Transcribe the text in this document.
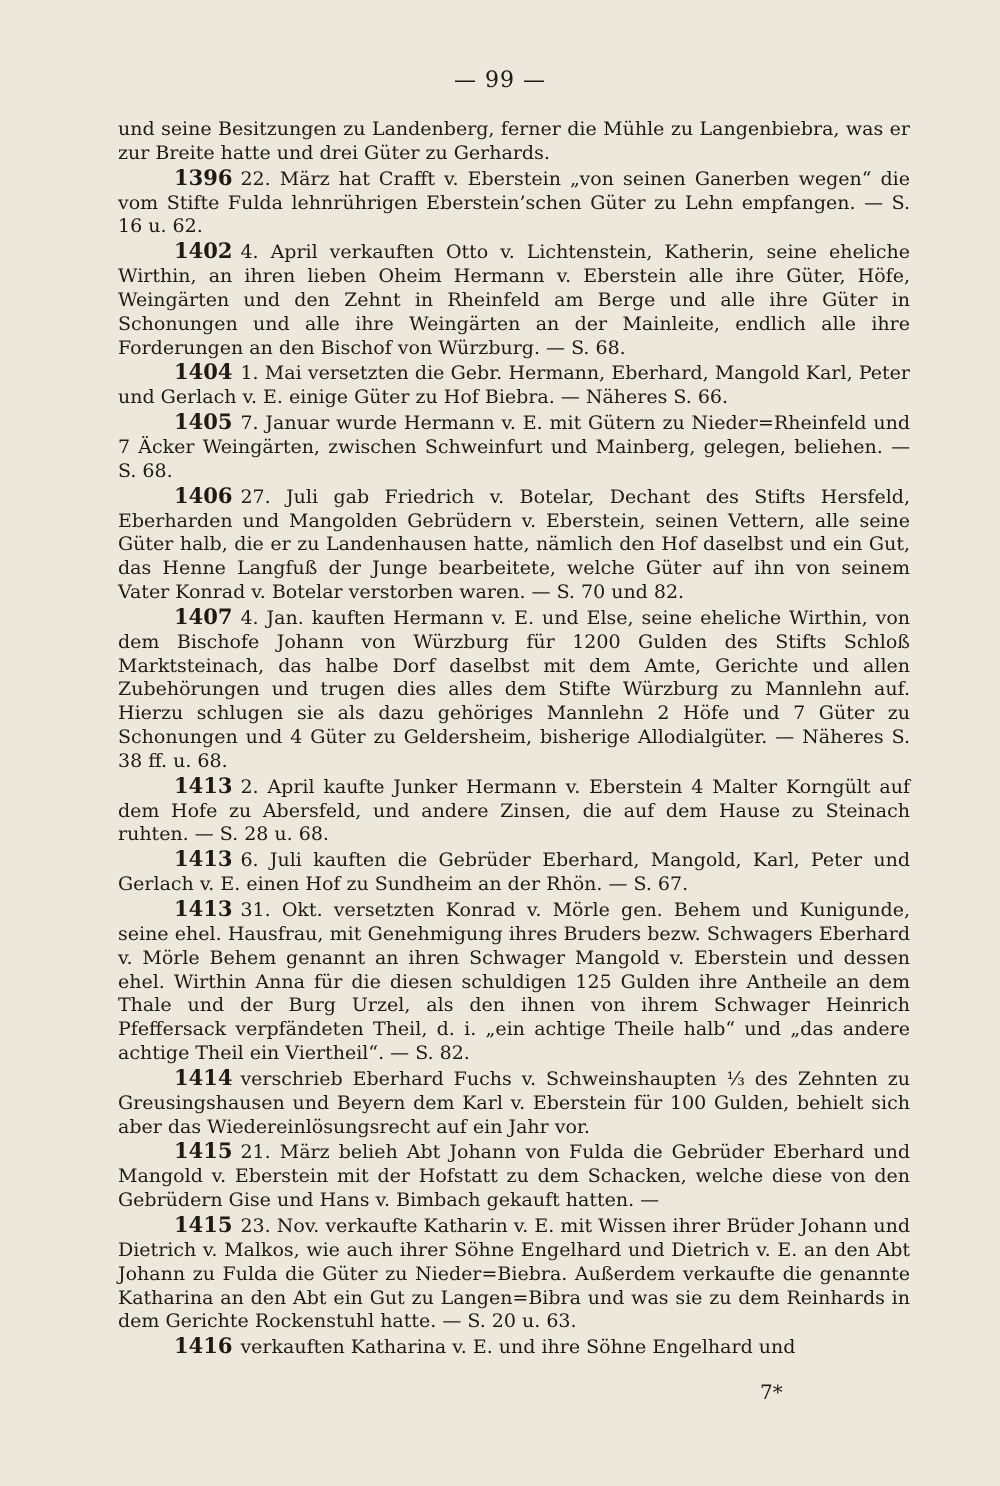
— 99 —

und seine Besitzungen zu Landenberg, ferner die Mühle zu Langenbiebra, was er zur Breite hatte und drei Güter zu Gerhards.

1396 22. März hat Crafft v. Eberstein „von seinen Ganerben wegen“ die vom Stifte Fulda lehnrührigen Eberstein’schen Güter zu Lehn empfangen. — S. 16 u. 62.

1402 4. April verkauften Otto v. Lichtenstein, Katherin, seine eheliche Wirthin, an ihren lieben Oheim Hermann v. Eberstein alle ihre Güter, Höfe, Weingärten und den Zehnt in Rheinfeld am Berge und alle ihre Güter in Schonungen und alle ihre Weingärten an der Mainleite, endlich alle ihre Forderungen an den Bischof von Würzburg. — S. 68.

1404 1. Mai versetzten die Gebr. Hermann, Eberhard, Mangold Karl, Peter und Gerlach v. E. einige Güter zu Hof Biebra. — Näheres S. 66.

1405 7. Januar wurde Hermann v. E. mit Gütern zu Nieder=Rheinfeld und 7 Äcker Weingärten, zwischen Schweinfurt und Mainberg, gelegen, beliehen. — S. 68.

1406 27. Juli gab Friedrich v. Botelar, Dechant des Stifts Hersfeld, Eberharden und Mangolden Gebrüdern v. Eberstein, seinen Vettern, alle seine Güter halb, die er zu Landenhausen hatte, nämlich den Hof daselbst und ein Gut, das Henne Langfuß der Junge bearbeitete, welche Güter auf ihn von seinem Vater Konrad v. Botelar verstorben waren. — S. 70 und 82.

1407 4. Jan. kauften Hermann v. E. und Else, seine eheliche Wirthin, von dem Bischofe Johann von Würzburg für 1200 Gulden des Stifts Schloß Marktsteinach, das halbe Dorf daselbst mit dem Amte, Gerichte und allen Zubehörungen und trugen dies alles dem Stifte Würzburg zu Mannlehn auf. Hierzu schlugen sie als dazu gehöriges Mannlehn 2 Höfe und 7 Güter zu Schonungen und 4 Güter zu Geldersheim, bisherige Allodialgüter. — Näheres S. 38 ff. u. 68.

1413 2. April kaufte Junker Hermann v. Eberstein 4 Malter Korngült auf dem Hofe zu Abersfeld, und andere Zinsen, die auf dem Hause zu Steinach ruhten. — S. 28 u. 68.

1413 6. Juli kauften die Gebrüder Eberhard, Mangold, Karl, Peter und Gerlach v. E. einen Hof zu Sundheim an der Rhön. — S. 67.

1413 31. Okt. versetzten Konrad v. Mörle gen. Behem und Kunigunde, seine ehel. Hausfrau, mit Genehmigung ihres Bruders bezw. Schwagers Eberhard v. Mörle Behem genannt an ihren Schwager Mangold v. Eberstein und dessen ehel. Wirthin Anna für die diesen schuldigen 125 Gulden ihre Antheile an dem Thale und der Burg Urzel, als den ihnen von ihrem Schwager Heinrich Pfeffersack verpfändeten Theil, d. i. „ein achtige Theile halb“ und „das andere achtige Theil ein Viertheil“. — S. 82.

1414 verschrieb Eberhard Fuchs v. Schweinshaupten ⅓ des Zehnten zu Greusingshausen und Beyern dem Karl v. Eberstein für 100 Gulden, behielt sich aber das Wiedereinlösungsrecht auf ein Jahr vor.

1415 21. März belieh Abt Johann von Fulda die Gebrüder Eberhard und Mangold v. Eberstein mit der Hofstatt zu dem Schacken, welche diese von den Gebrüdern Gise und Hans v. Bimbach gekauft hatten. —

1415 23. Nov. verkaufte Katharin v. E. mit Wissen ihrer Brüder Johann und Dietrich v. Malkos, wie auch ihrer Söhne Engelhard und Dietrich v. E. an den Abt Johann zu Fulda die Güter zu Nieder=Biebra. Außerdem verkaufte die genannte Katharina an den Abt ein Gut zu Langen=Bibra und was sie zu dem Reinhards in dem Gerichte Rockenstuhl hatte. — S. 20 u. 63.

1416 verkauften Katharina v. E. und ihre Söhne Engelhard und

7*
